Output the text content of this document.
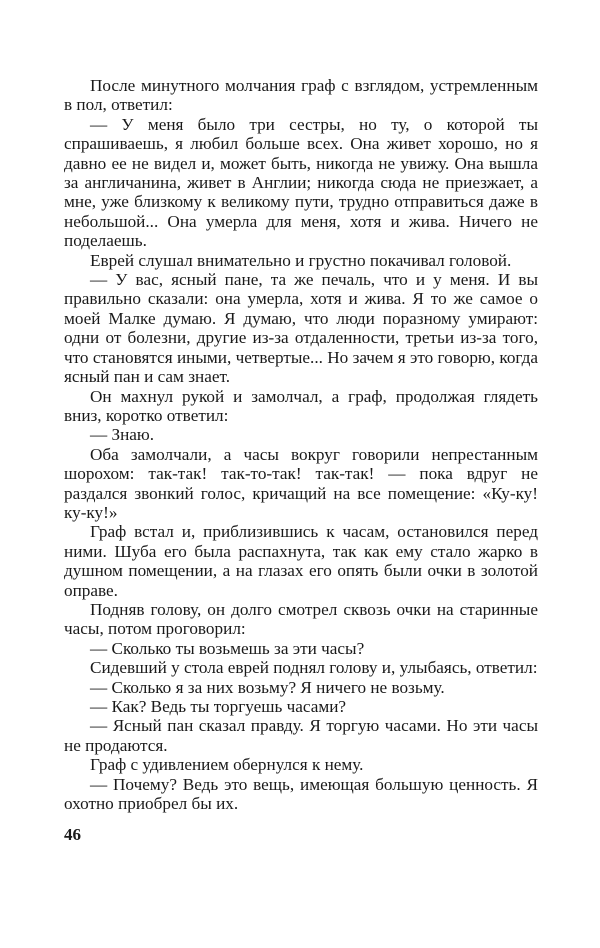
После минутного молчания граф с взглядом, устремленным в пол, ответил:

— У меня было три сестры, но ту, о которой ты спрашиваешь, я любил больше всех. Она живет хорошо, но я давно ее не видел и, может быть, никогда не увижу. Она вышла за англичанина, живет в Англии; никогда сюда не приезжает, а мне, уже близкому к великому пути, трудно отправиться даже в небольшой... Она умерла для меня, хотя и жива. Ничего не поделаешь.

Еврей слушал внимательно и грустно покачивал головой.

— У вас, ясный пане, та же печаль, что и у меня. И вы правильно сказали: она умерла, хотя и жива. Я то же самое о моей Малке думаю. Я думаю, что люди поразному умирают: одни от болезни, другие из-за отдаленности, третьи из-за того, что становятся иными, четвертые... Но зачем я это говорю, когда ясный пан и сам знает.

Он махнул рукой и замолчал, а граф, продолжая глядеть вниз, коротко ответил:

— Знаю.

Оба замолчали, а часы вокруг говорили непрестанным шорохом: так-так! так-то-так! так-так! — пока вдруг не раздался звонкий голос, кричащий на все помещение: «Ку-ку! ку-ку!»

Граф встал и, приблизившись к часам, остановился перед ними. Шуба его была распахнута, так как ему стало жарко в душном помещении, а на глазах его опять были очки в золотой оправе.

Подняв голову, он долго смотрел сквозь очки на старинные часы, потом проговорил:

— Сколько ты возьмешь за эти часы?

Сидевший у стола еврей поднял голову и, улыбаясь, ответил:

— Сколько я за них возьму? Я ничего не возьму.

— Как? Ведь ты торгуешь часами?

— Ясный пан сказал правду. Я торгую часами. Но эти часы не продаются.

Граф с удивлением обернулся к нему.

— Почему? Ведь это вещь, имеющая большую ценность. Я охотно приобрел бы их.

46
